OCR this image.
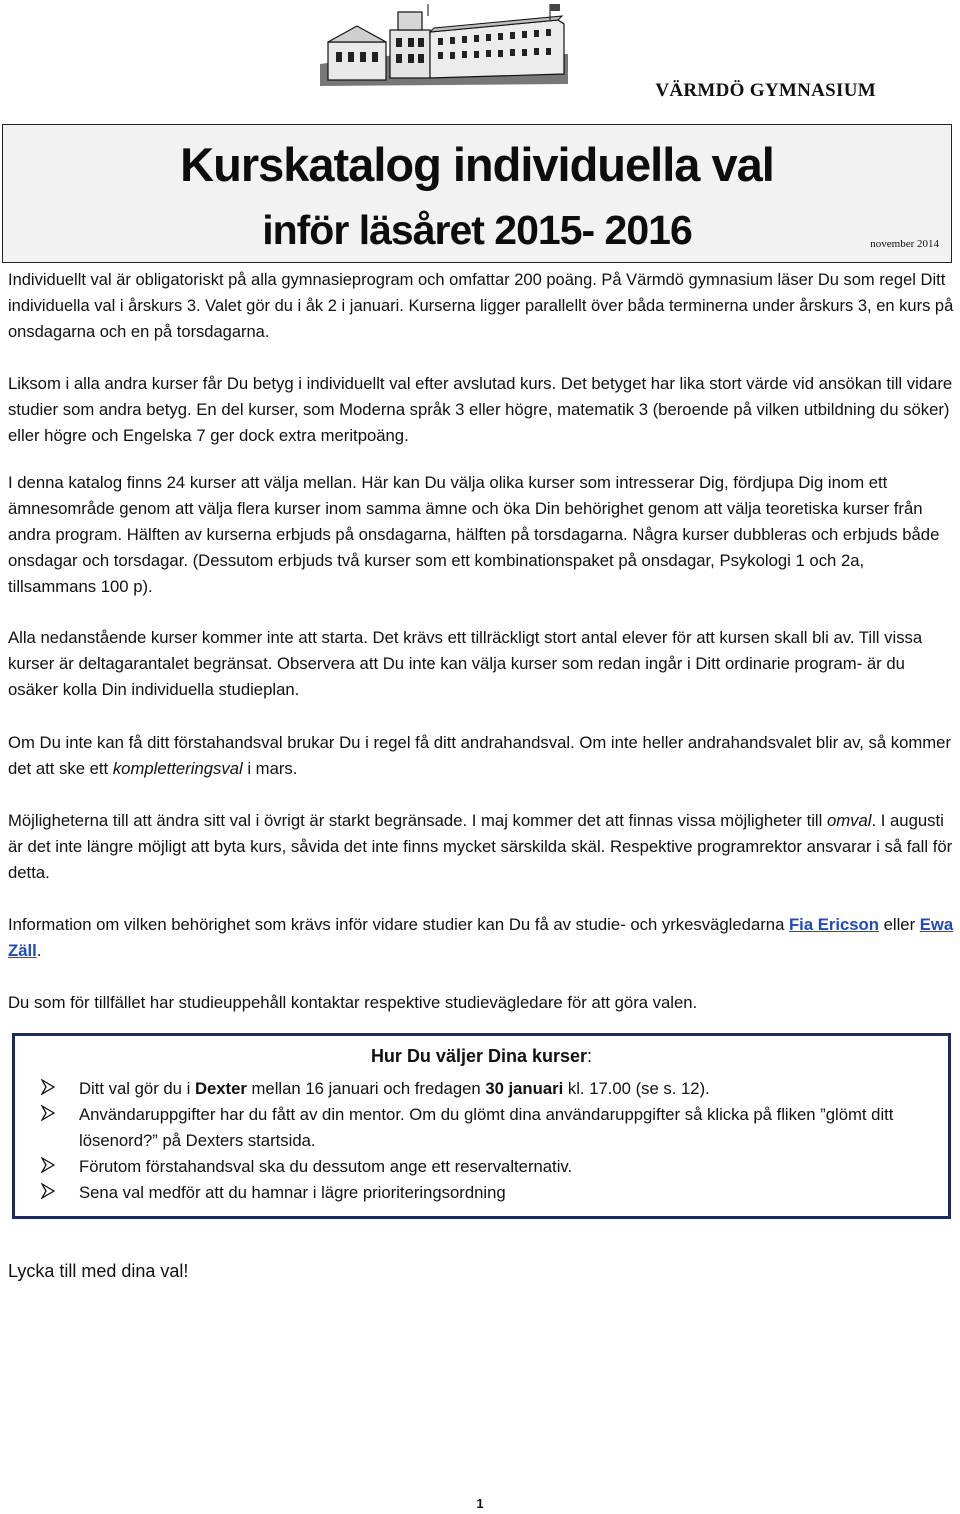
VÄRMDÖ GYMNASIUM
Kurskatalog individuella val
inför läsåret 2015- 2016	november 2014

Individuellt val är obligatoriskt på alla gymnasieprogram och omfattar 200 poäng. På Värmdö gymnasium läser Du som regel Ditt individuella val i årskurs 3. Valet gör du i åk 2 i januari. Kurserna ligger parallellt över båda terminerna under årskurs 3, en kurs på onsdagarna och en på torsdagarna.

Liksom i alla andra kurser får Du betyg i individuellt val efter avslutad kurs. Det betyget har lika stort värde vid ansökan till vidare studier som andra betyg. En del kurser, som Moderna språk 3 eller högre, matematik 3 (beroende på vilken utbildning du söker) eller högre och Engelska 7 ger dock extra meritpoäng.

I denna katalog finns 24 kurser att välja mellan. Här kan Du välja olika kurser som intresserar Dig, fördjupa Dig inom ett ämnesområde genom att välja flera kurser inom samma ämne och öka Din behörighet genom att välja teoretiska kurser från andra program. Hälften av kurserna erbjuds på onsdagarna, hälften på torsdagarna. Några kurser dubbleras och erbjuds både onsdagar och torsdagar. (Dessutom erbjuds två kurser som ett kombinationspaket på onsdagar, Psykologi 1 och 2a, tillsammans 100 p).

Alla nedanstående kurser kommer inte att starta. Det krävs ett tillräckligt stort antal elever för att kursen skall bli av. Till vissa kurser är deltagarantalet begränsat. Observera att Du inte kan välja kurser som redan ingår i Ditt ordinarie program- är du osäker kolla Din individuella studieplan.

Om Du inte kan få ditt förstahandsval brukar Du i regel få ditt andrahandsval. Om inte heller andrahandsvalet blir av, så kommer det att ske ett kompletteringsval i mars.

Möjligheterna till att ändra sitt val i övrigt är starkt begränsade. I maj kommer det att finnas vissa möjligheter till omval. I augusti är det inte längre möjligt att byta kurs, såvida det inte finns mycket särskilda skäl. Respektive programrektor ansvarar i så fall för detta.

Information om vilken behörighet som krävs inför vidare studier kan Du få av studie- och yrkesvägledarna Fia Ericson eller Ewa Zäll.

Du som för tillfället har studieuppehåll kontaktar respektive studievägledare för att göra valen.

Hur Du väljer Dina kurser:
Ditt val gör du i Dexter mellan 16 januari och fredagen 30 januari kl. 17.00 (se s. 12).
Användaruppgifter har du fått av din mentor. Om du glömt dina användaruppgifter så klicka på fliken ”glömt ditt lösenord?” på Dexters startsida.
Förutom förstahandsval ska du dessutom ange ett reservalternativ.
Sena val medför att du hamnar i lägre prioriteringsordning
Lycka till med dina val!
1
